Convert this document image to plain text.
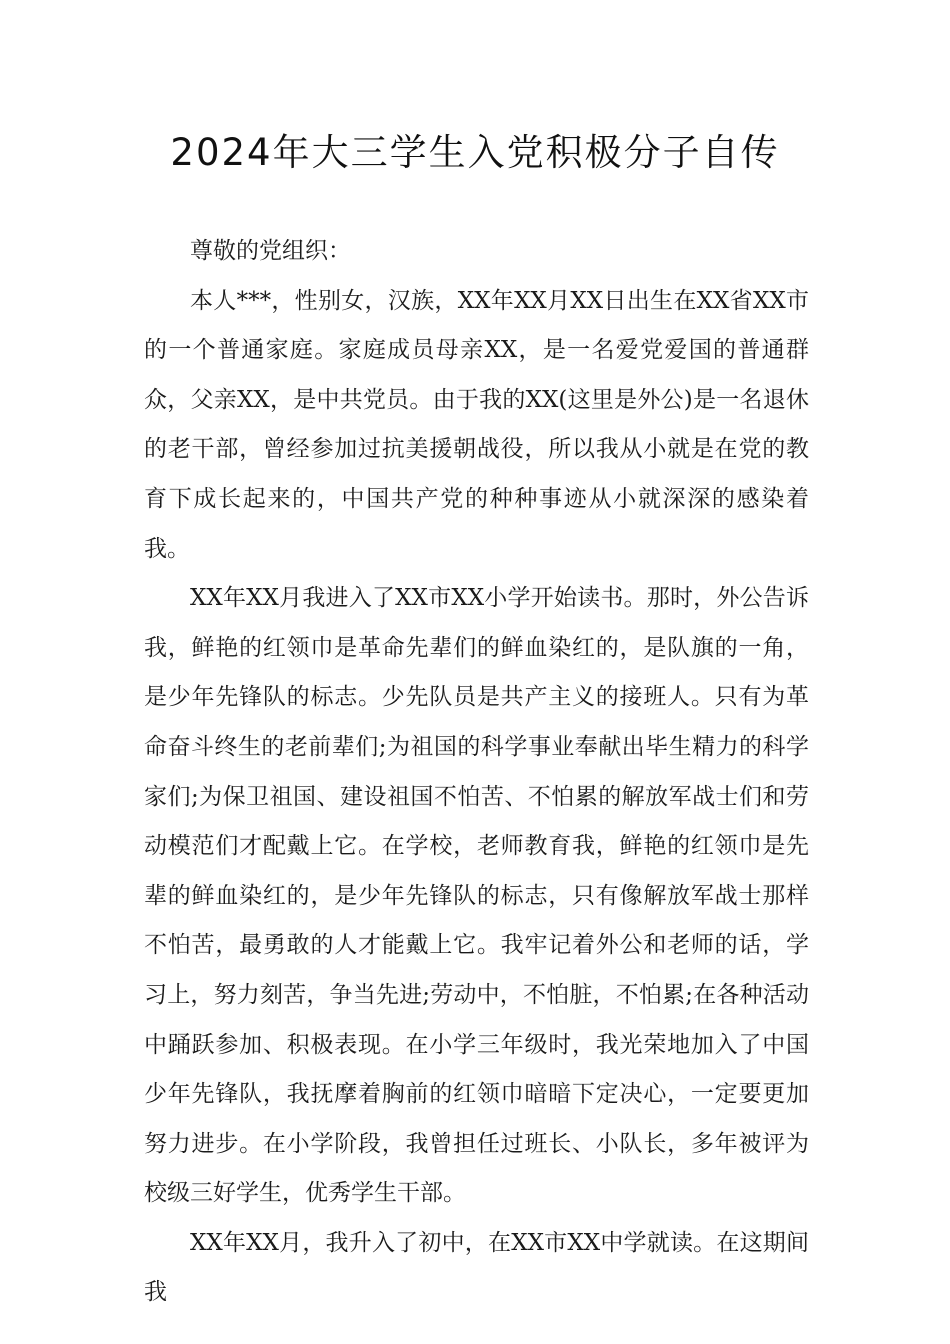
2024年大三学生入党积极分子自传

尊敬的党组织：

本人***，性别女，汉族，XX年XX月XX日出生在XX省XX市的一个普通家庭。家庭成员母亲XX，是一名爱党爱国的普通群众，父亲XX，是中共党员。由于我的XX(这里是外公)是一名退休的老干部，曾经参加过抗美援朝战役，所以我从小就是在党的教育下成长起来的，中国共产党的种种事迹从小就深深的感染着我。

XX年XX月我进入了XX市XX小学开始读书。那时，外公告诉我，鲜艳的红领巾是革命先辈们的鲜血染红的，是队旗的一角，是少年先锋队的标志。少先队员是共产主义的接班人。只有为革命奋斗终生的老前辈们;为祖国的科学事业奉献出毕生精力的科学家们;为保卫祖国、建设祖国不怕苦、不怕累的解放军战士们和劳动模范们才配戴上它。在学校，老师教育我，鲜艳的红领巾是先辈的鲜血染红的，是少年先锋队的标志，只有像解放军战士那样不怕苦，最勇敢的人才能戴上它。我牢记着外公和老师的话，学习上，努力刻苦，争当先进;劳动中，不怕脏，不怕累;在各种活动中踊跃参加、积极表现。在小学三年级时，我光荣地加入了中国少年先锋队，我抚摩着胸前的红领巾暗暗下定决心，一定要更加努力进步。在小学阶段，我曾担任过班长、小队长，多年被评为校级三好学生，优秀学生干部。

XX年XX月，我升入了初中，在XX市XX中学就读。在这期间我
